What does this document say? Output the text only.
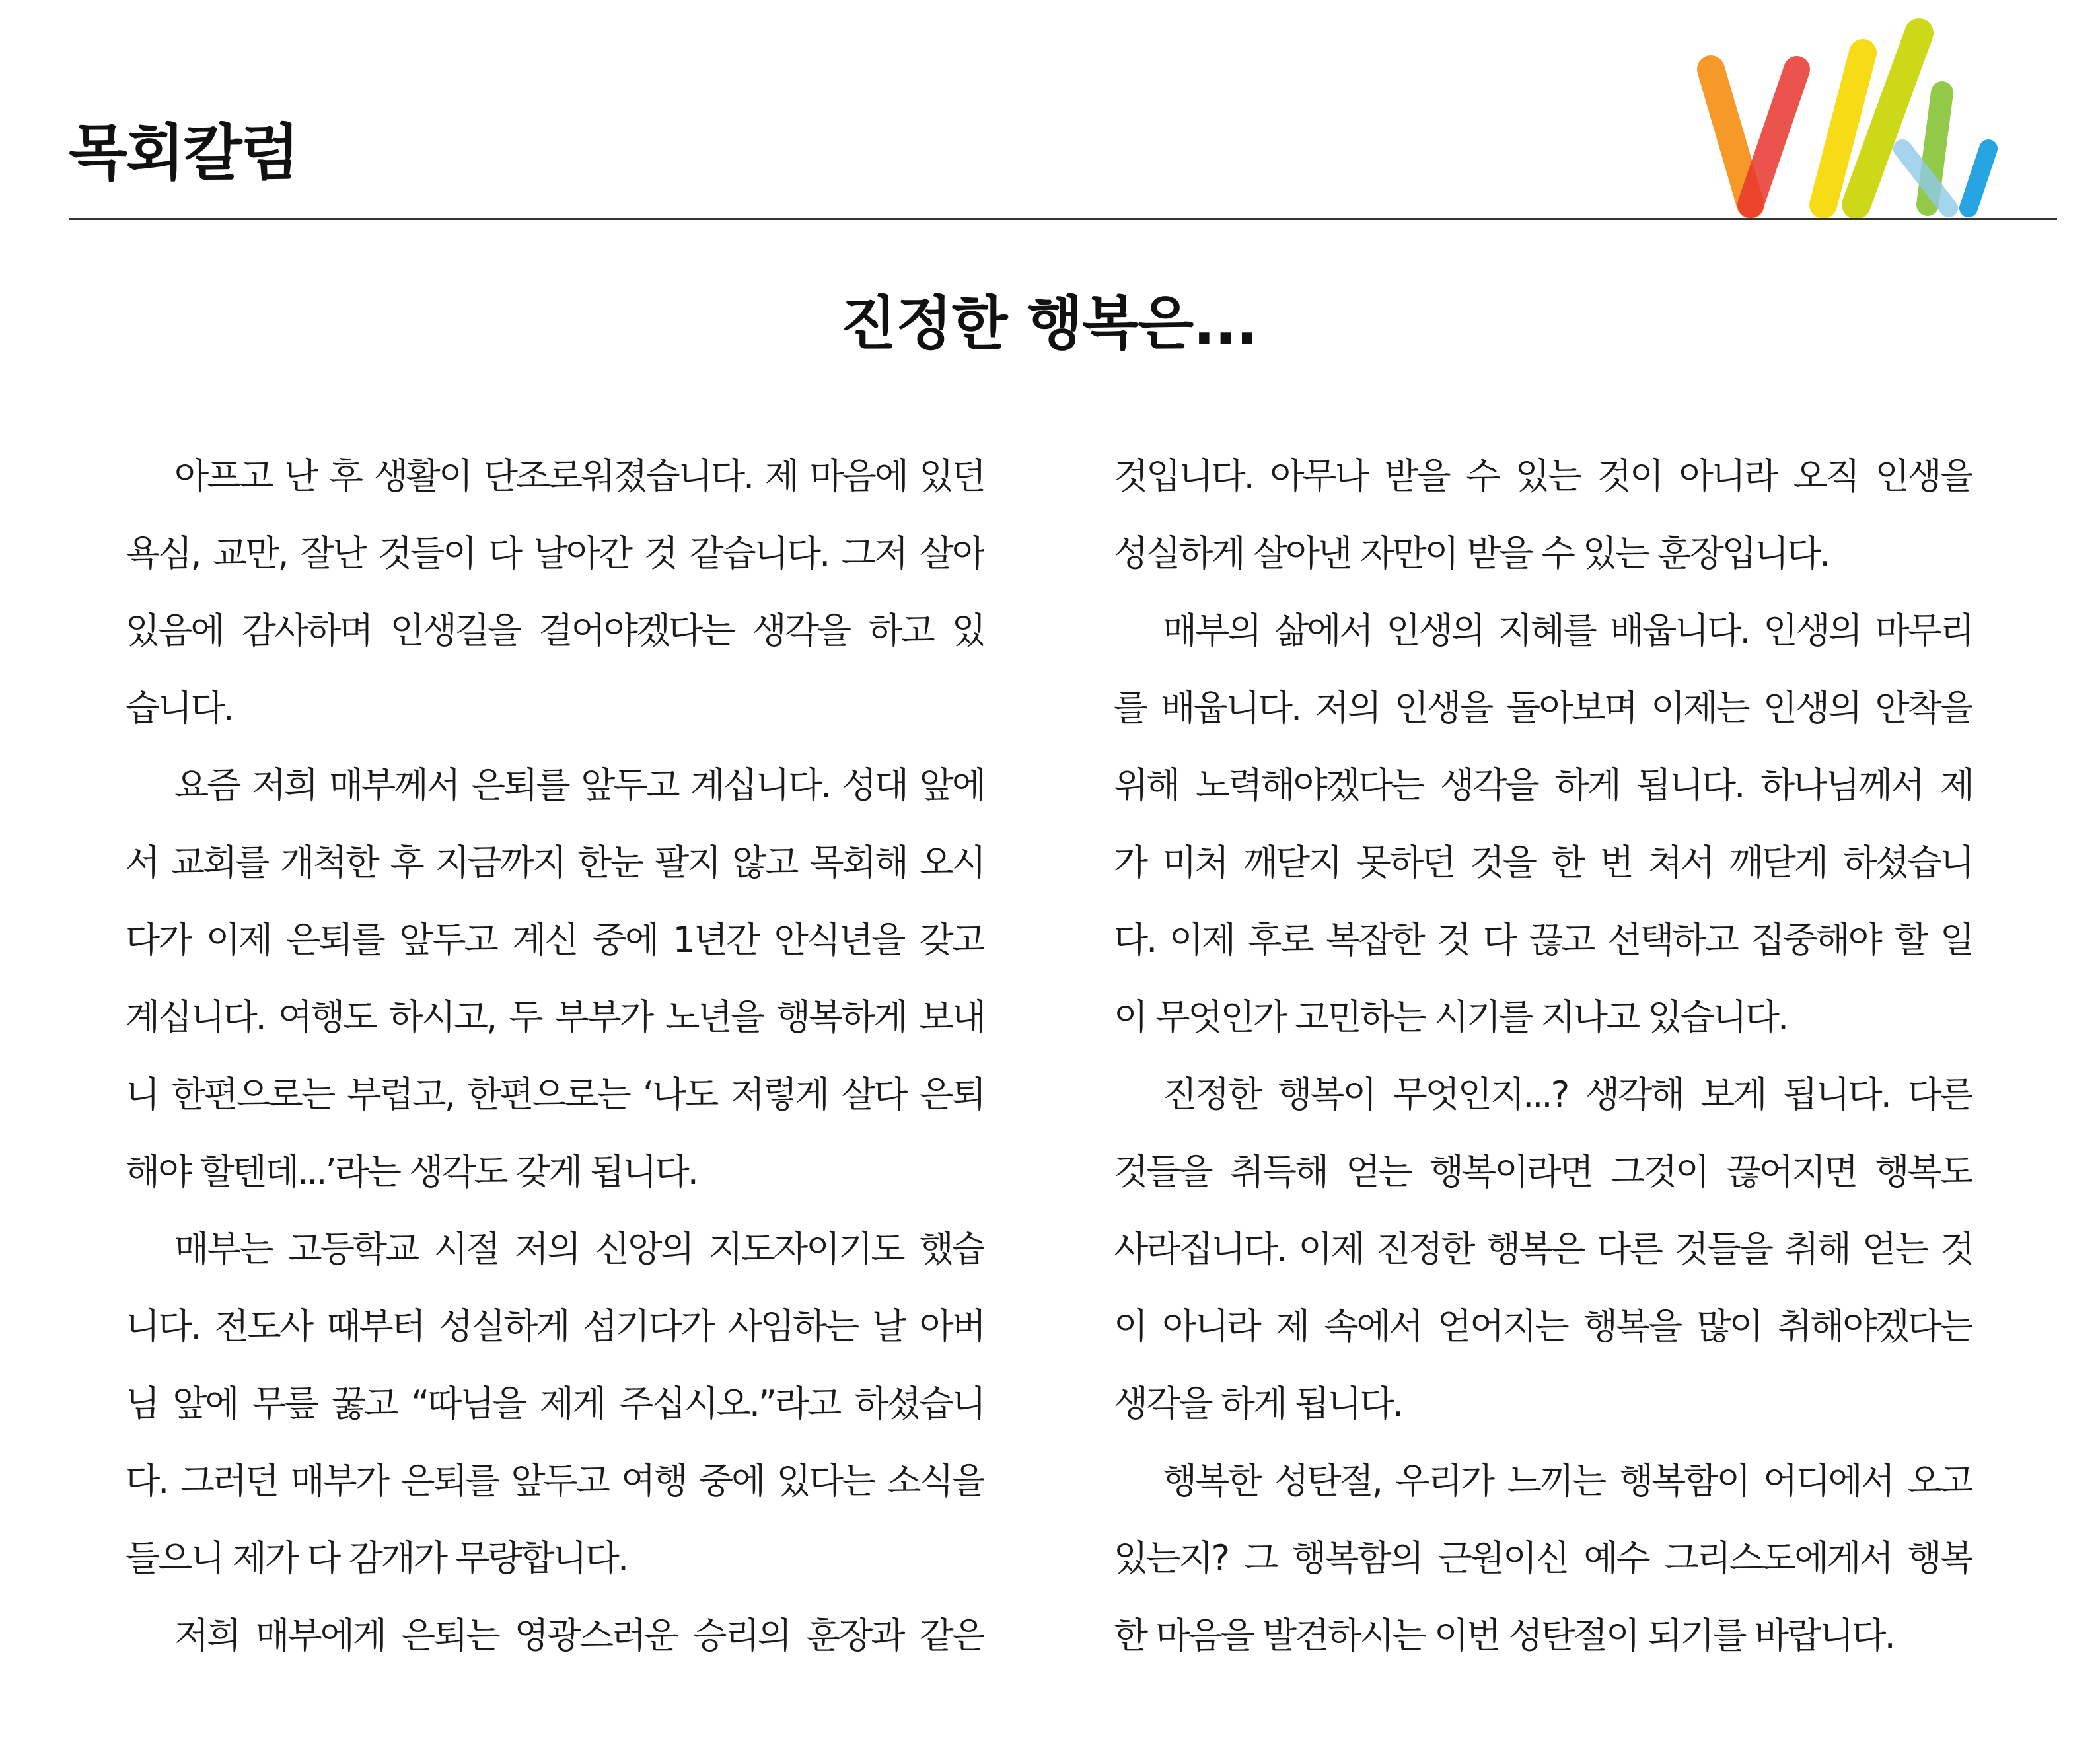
목회칼럼
진정한 행복은...
아프고 난 후 생활이 단조로워졌습니다. 제 마음에 있던
욕심, 교만, 잘난 것들이 다 날아간 것 같습니다. 그저 살아
있음에 감사하며 인생길을 걸어야겠다는 생각을 하고 있
습니다.
요즘 저희 매부께서 은퇴를 앞두고 계십니다. 성대 앞에
서 교회를 개척한 후 지금까지 한눈 팔지 않고 목회해 오시
다가 이제 은퇴를 앞두고 계신 중에 1년간 안식년을 갖고
계십니다. 여행도 하시고, 두 부부가 노년을 행복하게 보내
니 한편으로는 부럽고, 한편으로는 ‘나도 저렇게 살다 은퇴
해야 할텐데...’라는 생각도 갖게 됩니다.
매부는 고등학교 시절 저의 신앙의 지도자이기도 했습
니다. 전도사 때부터 성실하게 섬기다가 사임하는 날 아버
님 앞에 무릎 꿇고 “따님을 제게 주십시오.”라고 하셨습니
다. 그러던 매부가 은퇴를 앞두고 여행 중에 있다는 소식을
들으니 제가 다 감개가 무량합니다.
저희 매부에게 은퇴는 영광스러운 승리의 훈장과 같은
것입니다. 아무나 받을 수 있는 것이 아니라 오직 인생을
성실하게 살아낸 자만이 받을 수 있는 훈장입니다.
매부의 삶에서 인생의 지혜를 배웁니다. 인생의 마무리
를 배웁니다. 저의 인생을 돌아보며 이제는 인생의 안착을
위해 노력해야겠다는 생각을 하게 됩니다. 하나님께서 제
가 미처 깨닫지 못하던 것을 한 번 쳐서 깨닫게 하셨습니
다. 이제 후로 복잡한 것 다 끊고 선택하고 집중해야 할 일
이 무엇인가 고민하는 시기를 지나고 있습니다.
진정한 행복이 무엇인지...? 생각해 보게 됩니다. 다른
것들을 취득해 얻는 행복이라면 그것이 끊어지면 행복도
사라집니다. 이제 진정한 행복은 다른 것들을 취해 얻는 것
이 아니라 제 속에서 얻어지는 행복을 많이 취해야겠다는
생각을 하게 됩니다.
행복한 성탄절, 우리가 느끼는 행복함이 어디에서 오고
있는지? 그 행복함의 근원이신 예수 그리스도에게서 행복
한 마음을 발견하시는 이번 성탄절이 되기를 바랍니다.
